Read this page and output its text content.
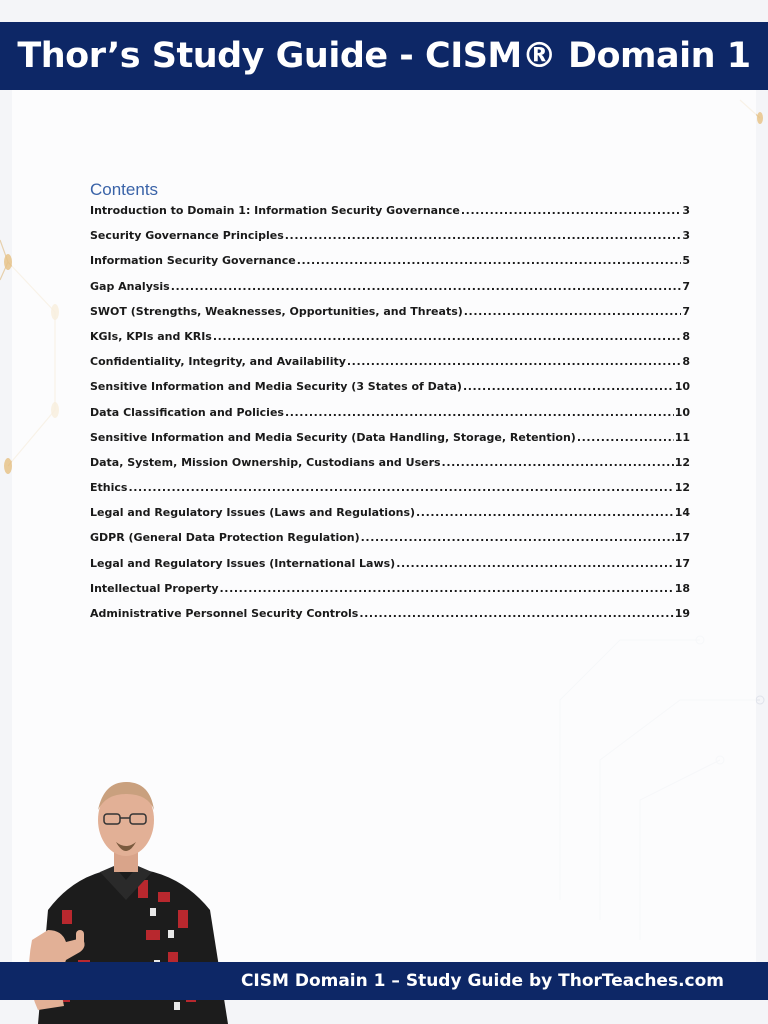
Thor’s Study Guide - CISM® Domain 1
Contents
Introduction to Domain 1: Information Security Governance .....	3
Security Governance Principles .....	3
Information Security Governance .....	5
Gap Analysis .....	7
SWOT (Strengths, Weaknesses, Opportunities, and Threats) .....	7
KGIs, KPIs and KRIs .....	8
Confidentiality, Integrity, and Availability .....	8
Sensitive Information and Media Security (3 States of Data) .....	10
Data Classification and Policies .....	10
Sensitive Information and Media Security (Data Handling, Storage, Retention) .....	11
Data, System, Mission Ownership, Custodians and Users .....	12
Ethics .....	12
Legal and Regulatory Issues (Laws and Regulations) .....	14
GDPR (General Data Protection Regulation) .....	17
Legal and Regulatory Issues (International Laws) .....	17
Intellectual Property .....	18
Administrative Personnel Security Controls .....	19
CISM Domain 1 – Study Guide by ThorTeaches.com
